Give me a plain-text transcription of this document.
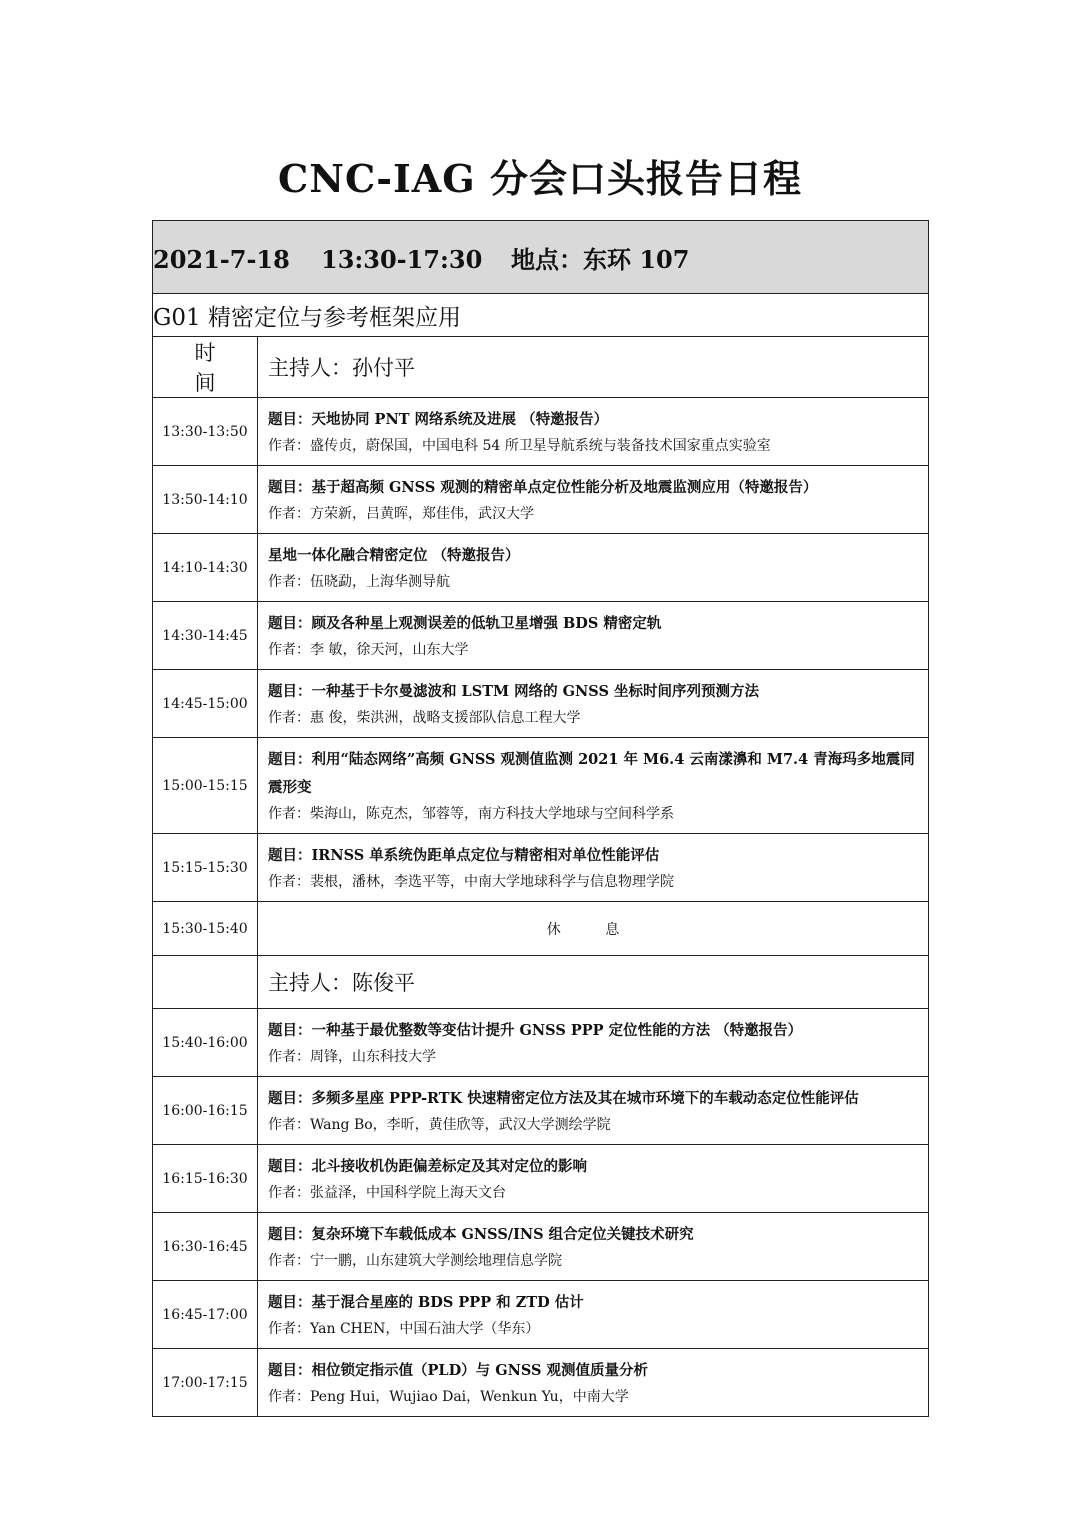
CNC-IAG 分会口头报告日程
2021-7-18 13:30-17:30 地点：东环 107	
G01 精密定位与参考框架应用	
时 间	主持人：孙付平
13:30-13:50	题目：天地协同 PNT 网络系统及进展 （特邀报告）
作者：盛传贞，蔚保国，中国电科 54 所卫星导航系统与装备技术国家重点实验室

13:50-14:10	题目：基于超高频 GNSS 观测的精密单点定位性能分析及地震监测应用（特邀报告）
作者：方荣新，吕黄晖，郑佳伟，武汉大学

14:10-14:30	星地一体化融合精密定位 （特邀报告）
作者：伍晓勐，上海华测导航

14:30-14:45	题目：顾及各种星上观测误差的低轨卫星增强 BDS 精密定轨
作者：李 敏，徐天河，山东大学

14:45-15:00	题目：一种基于卡尔曼滤波和 LSTM 网络的 GNSS 坐标时间序列预测方法
作者：惠 俊，柴洪洲，战略支援部队信息工程大学

15:00-15:15	题目：利用“陆态网络”高频 GNSS 观测值监测 2021 年 M6.4 云南漾濞和 M7.4 青海玛多地震同震形变
作者：柴海山，陈克杰，邹蓉等，南方科技大学地球与空间科学系

15:15-15:30	题目：IRNSS 单系统伪距单点定位与精密相对单位性能评估
作者：裴根，潘林，李选平等，中南大学地球科学与信息物理学院

15:30-15:40	休 息
	主持人：陈俊平
15:40-16:00	题目：一种基于最优整数等变估计提升 GNSS PPP 定位性能的方法 （特邀报告）
作者：周锋，山东科技大学

16:00-16:15	题目：多频多星座 PPP-RTK 快速精密定位方法及其在城市环境下的车载动态定位性能评估
作者：Wang Bo，李昕，黄佳欣等，武汉大学测绘学院

16:15-16:30	题目：北斗接收机伪距偏差标定及其对定位的影响
作者：张益泽，中国科学院上海天文台

16:30-16:45	题目：复杂环境下车载低成本 GNSS/INS 组合定位关键技术研究
作者：宁一鹏，山东建筑大学测绘地理信息学院

16:45-17:00	题目：基于混合星座的 BDS PPP 和 ZTD 估计
作者：Yan CHEN，中国石油大学（华东）

17:00-17:15	题目：相位锁定指示值（PLD）与 GNSS 观测值质量分析
作者：Peng Hui，Wujiao Dai，Wenkun Yu，中南大学
